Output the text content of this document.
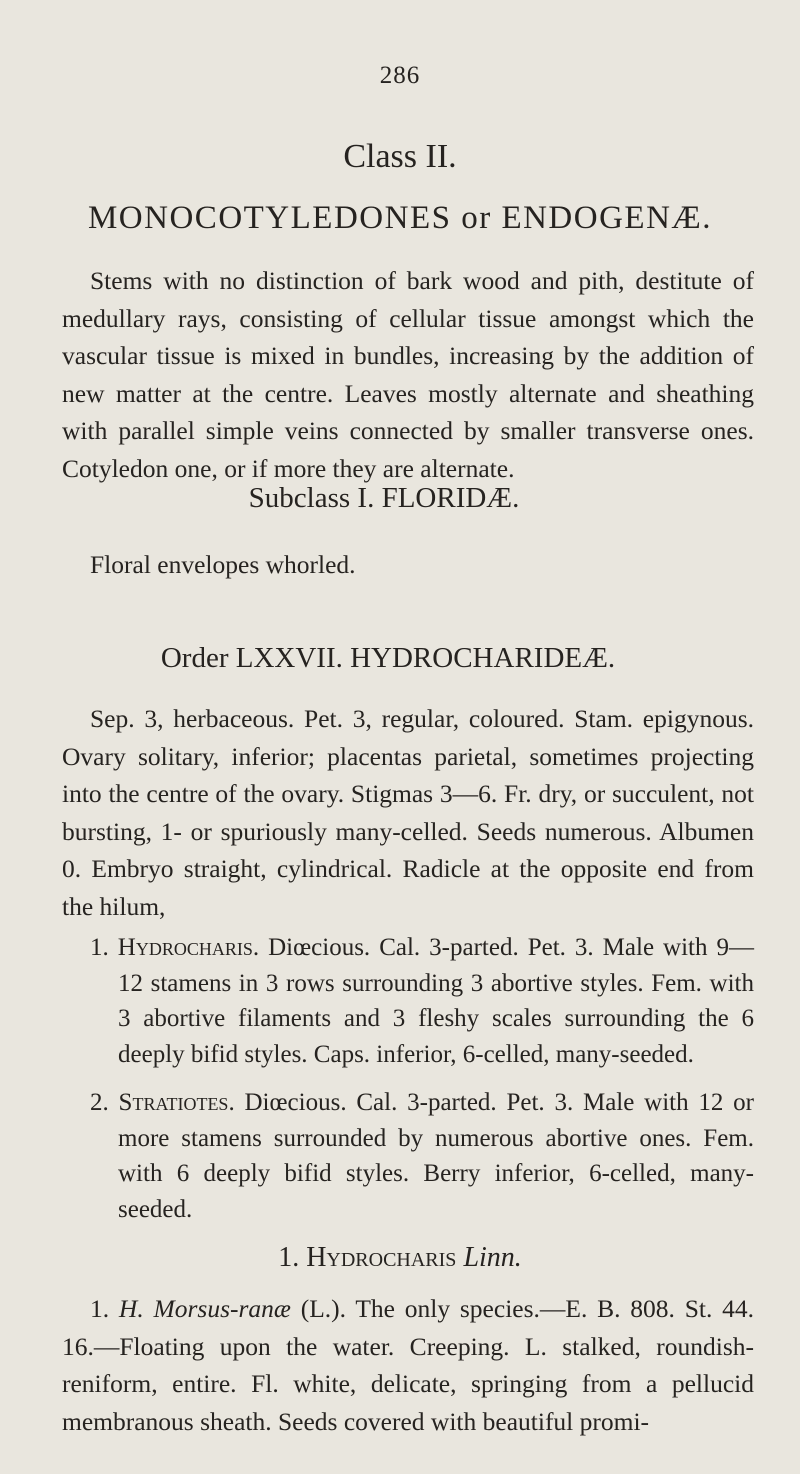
286
Class II.
MONOCOTYLEDONES or ENDOGENÆ.

Stems with no distinction of bark wood and pith, destitute of medullary rays, consisting of cellular tissue amongst which the vascular tissue is mixed in bundles, increasing by the addition of new matter at the centre. Leaves mostly alternate and sheathing with parallel simple veins connected by smaller transverse ones. Cotyledon one, or if more they are alternate.

Subclass I. FLORIDÆ.

Floral envelopes whorled.

Order LXXVII. HYDROCHARIDEÆ.

Sep. 3, herbaceous. Pet. 3, regular, coloured. Stam. epigynous. Ovary solitary, inferior; placentas parietal, sometimes projecting into the centre of the ovary. Stigmas 3—6. Fr. dry, or succulent, not bursting, 1- or spuriously many-celled. Seeds numerous. Albumen 0. Embryo straight, cylindrical. Radicle at the opposite end from the hilum,

1. Hydrocharis. Diœcious. Cal. 3-parted. Pet. 3. Male with 9—12 stamens in 3 rows surrounding 3 abortive styles. Fem. with 3 abortive filaments and 3 fleshy scales surrounding the 6 deeply bifid styles. Caps. inferior, 6-celled, many-seeded.
2. Stratiotes. Diœcious. Cal. 3-parted. Pet. 3. Male with 12 or more stamens surrounded by numerous abortive ones. Fem. with 6 deeply bifid styles. Berry inferior, 6-celled, many-seeded.
1. Hydrocharis Linn.

1. H. Morsus-ranæ (L.). The only species.—E. B. 808. St. 44. 16.—Floating upon the water. Creeping. L. stalked, roundish-reniform, entire. Fl. white, delicate, springing from a pellucid membranous sheath. Seeds covered with beautiful promi-
